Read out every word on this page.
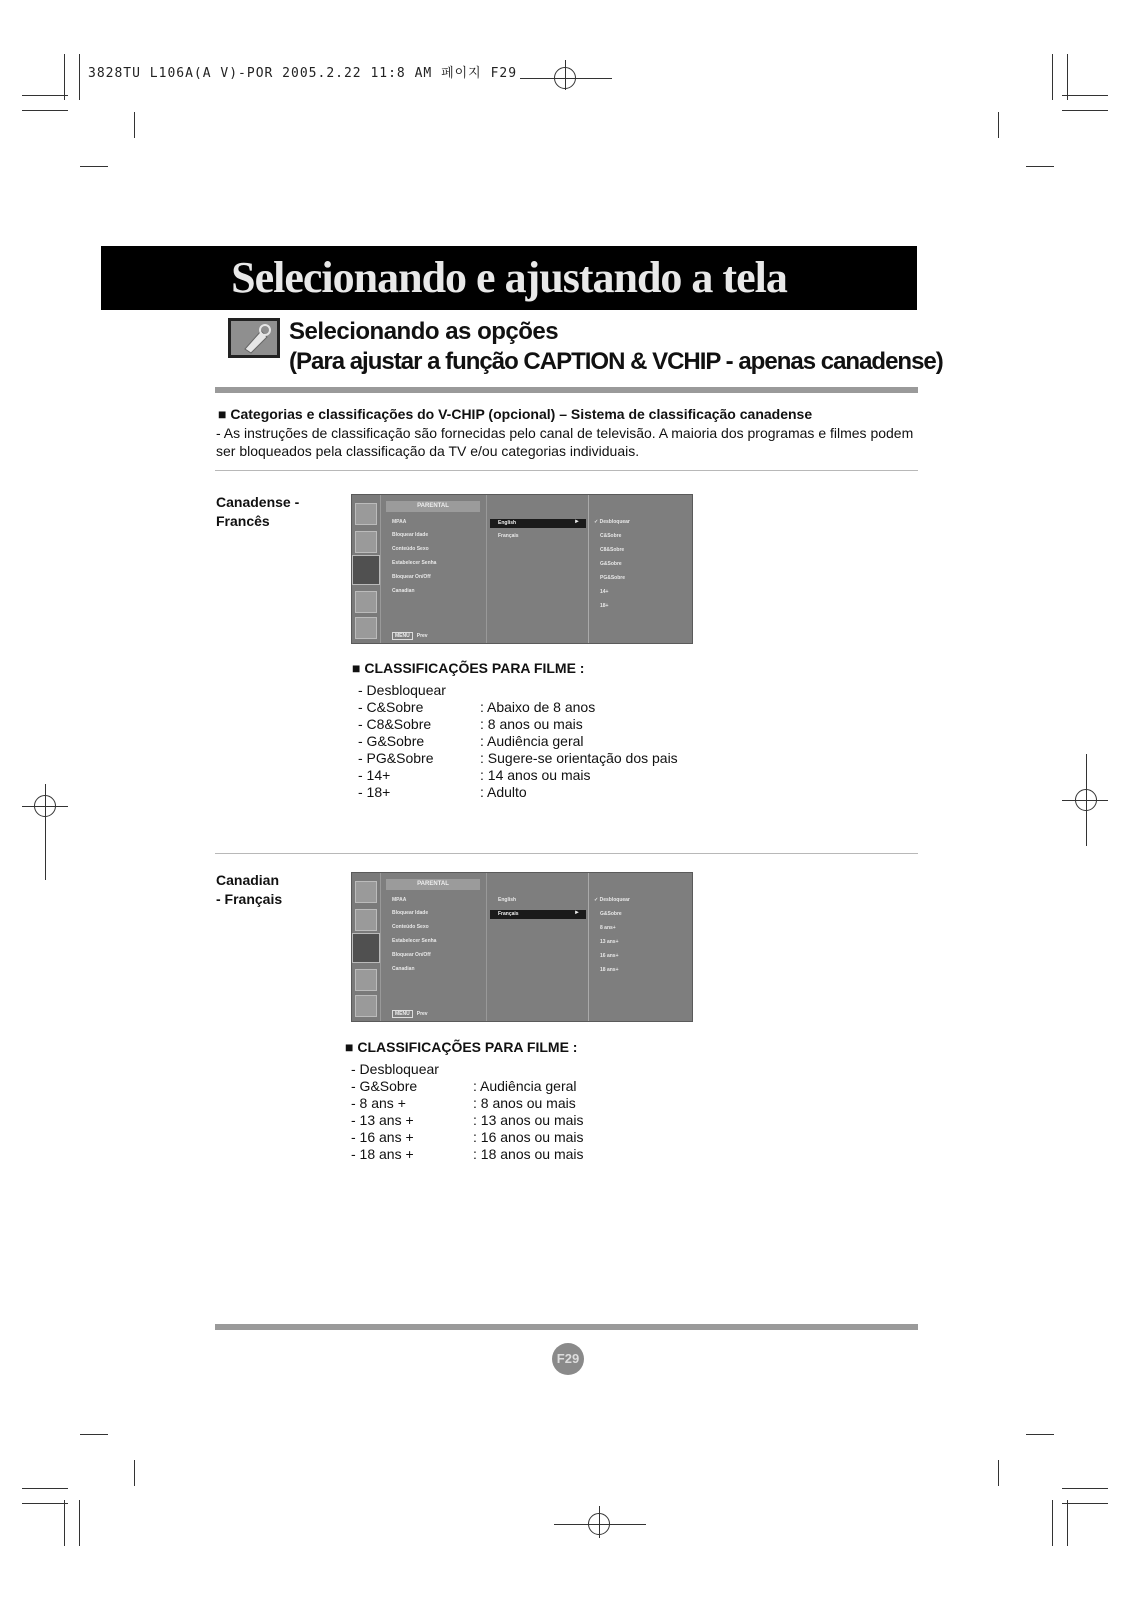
3828TU L106A(A V)-POR 2005.2.22 11:8 AM 페이지 F29
Selecionando e ajustando a tela
Selecionando as opções
(Para ajustar a função CAPTION & VCHIP - apenas canadense)
■ Categorias e classificações do V-CHIP (opcional) – Sistema de classificação canadense
- As instruções de classificação são fornecidas pelo canal de televisão. A maioria dos programas e filmes podem ser bloqueados pela classificação da TV e/ou categorias individuais.
Canadense -
Francês
PARENTAL
MPAA
Bloquear Idade
Conteúdo Sexo
Estabelecer Senha
Bloquear On/Off
Canadian
MENU Prev
English	►
Français
✓ Desbloquear
C&Sobre
C8&Sobre
G&Sobre
PG&Sobre
14+
18+
■ CLASSIFICAÇÕES PARA FILME :
- Desbloquear
- C&Sobre	: Abaixo de 8 anos
- C8&Sobre	: 8 anos ou mais
- G&Sobre	: Audiência geral
- PG&Sobre	: Sugere-se orientação dos pais
- 14+	: 14 anos ou mais
- 18+	: Adulto
Canadian
- Français
PARENTAL
MPAA
Bloquear Idade
Conteúdo Sexo
Estabelecer Senha
Bloquear On/Off
Canadian
MENU Prev
English
Français	►
✓ Desbloquear
G&Sobre
8 ans+
13 ans+
16 ans+
18 ans+
■ CLASSIFICAÇÕES PARA FILME :
- Desbloquear
- G&Sobre	: Audiência geral
- 8 ans +	: 8 anos ou mais
- 13 ans +	: 13 anos ou mais
- 16 ans +	: 16 anos ou mais
- 18 ans +	: 18 anos ou mais
F29
